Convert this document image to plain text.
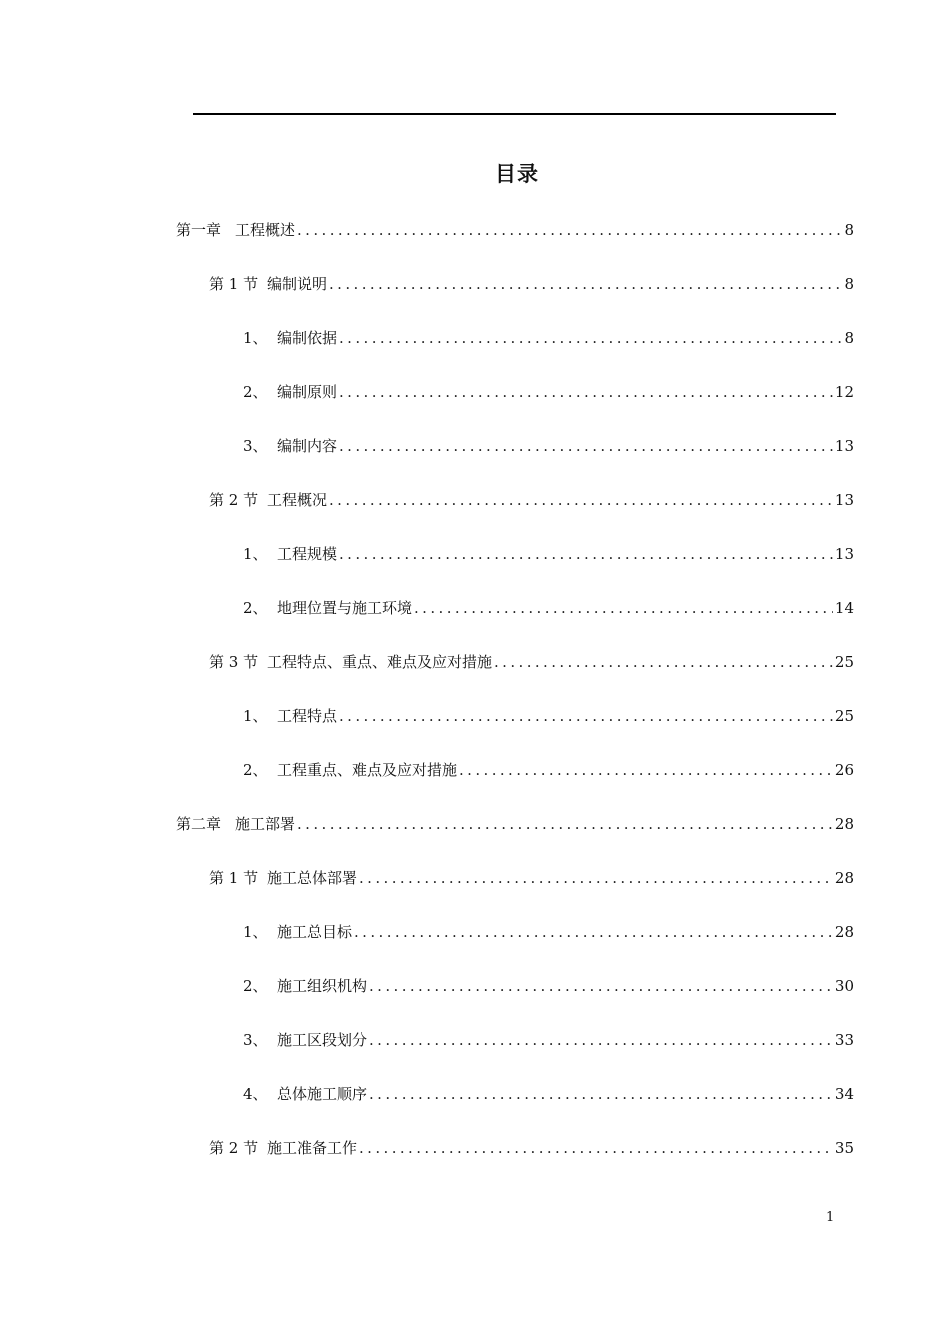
目录
第一章 工程概述 .....	8
第 1 节 编制说明 .....	8
1、 编制依据 .....	8
2、 编制原则 .....	12
3、 编制内容 .....	13
第 2 节 工程概况 .....	13
1、 工程规模 .....	13
2、 地理位置与施工环境 .....	14
第 3 节 工程特点、重点、难点及应对措施 .....	25
1、 工程特点 .....	25
2、 工程重点、难点及应对措施 .....	26
第二章 施工部署 .....	28
第 1 节 施工总体部署 .....	28
1、 施工总目标 .....	28
2、 施工组织机构 .....	30
3、 施工区段划分 .....	33
4、 总体施工顺序 .....	34
第 2 节 施工准备工作 .....	35
1
